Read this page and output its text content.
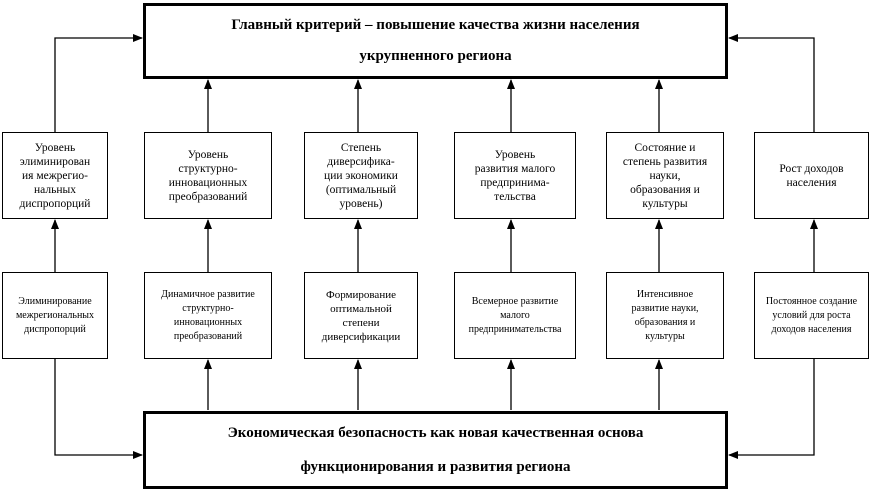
Главный критерий – повышение качества жизни населения
укрупненного региона
Уровень
элиминирован
ия межрегио-
нальных
диспропорций
Уровень
структурно-
инновационных
преобразований
Степень
диверсифика-
ции экономики
(оптимальный
уровень)
Уровень
развития малого
предпринима-
тельства
Состояние и
степень развития
науки,
образования и
культуры
Рост доходов
населения
Элиминирование
межрегиональных
диспропорций
Динамичное развитие
структурно-
инновационных
преобразований
Формирование
оптимальной
степени
диверсификации
Всемерное развитие
малого
предпринимательства
Интенсивное
развитие науки,
образования и
культуры
Постоянное создание
условий для роста
доходов населения
Экономическая безопасность как новая качественная основа
функционирования и развития региона
